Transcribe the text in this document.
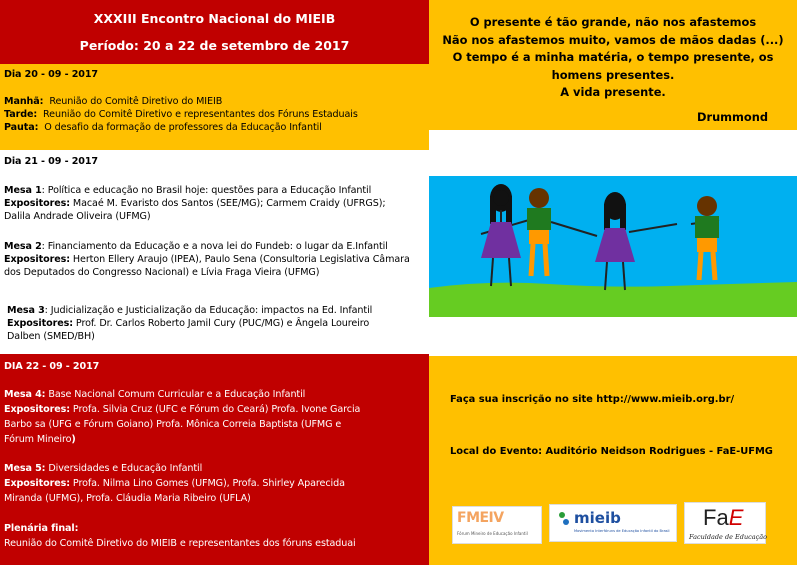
XXXIII Encontro Nacional do MIEIB
Período: 20 a 22 de setembro de 2017
Dia 20 - 09 - 2017
Manhã: Reunião do Comitê Diretivo do MIEIB
Tarde: Reunião do Comitê Diretivo e representantes dos Fóruns Estaduais
Pauta: O desafio da formação de professores da Educação Infantil
Dia 21 - 09 - 2017
Mesa 1: Política e educação no Brasil hoje: questões para a Educação Infantil
Expositores: Macaé M. Evaristo dos Santos (SEE/MG); Carmem Craidy (UFRGS);
Dalila Andrade Oliveira (UFMG)
Mesa 2: Financiamento da Educação e a nova lei do Fundeb: o lugar da E.Infantil
Expositores: Herton Ellery Araujo (IPEA), Paulo Sena (Consultoria Legislativa Câmara
dos Deputados do Congresso Nacional) e Lívia Fraga Vieira (UFMG)
Mesa 3: Judicialização e Justicialização da Educação: impactos na Ed. Infantil
Expositores: Prof. Dr. Carlos Roberto Jamil Cury (PUC/MG) e Ângela Loureiro
Dalben (SMED/BH)
DIA 22 - 09 - 2017
Mesa 4: Base Nacional Comum Curricular e a Educação Infantil
Expositores: Profa. Silvia Cruz (UFC e Fórum do Ceará) Profa. Ivone Garcia
Barbo sa (UFG e Fórum Goiano) Profa. Mônica Correia Baptista (UFMG e
Fórum Mineiro)
Mesa 5: Diversidades e Educação Infantil
Expositores: Profa. Nilma Lino Gomes (UFMG), Profa. Shirley Aparecida
Miranda (UFMG), Profa. Cláudia Maria Ribeiro (UFLA)
Plenária final:
Reunião do Comitê Diretivo do MIEIB e representantes dos fóruns estaduai
O presente é tão grande, não nos afastemos
Não nos afastemos muito, vamos de mãos dadas (...)
O tempo é a minha matéria, o tempo presente, os
homens presentes.
A vida presente.
Drummond
Faça sua inscrição no site http://www.mieib.org.br/
Local do Evento: Auditório Neidson Rodrigues - FaE-UFMG
FMEIV
Fórum Mineiro de Educação Infantil
mieib
Movimento Interfóruns de Educação Infantil do Brasil
FaE
Faculdade de Educação
